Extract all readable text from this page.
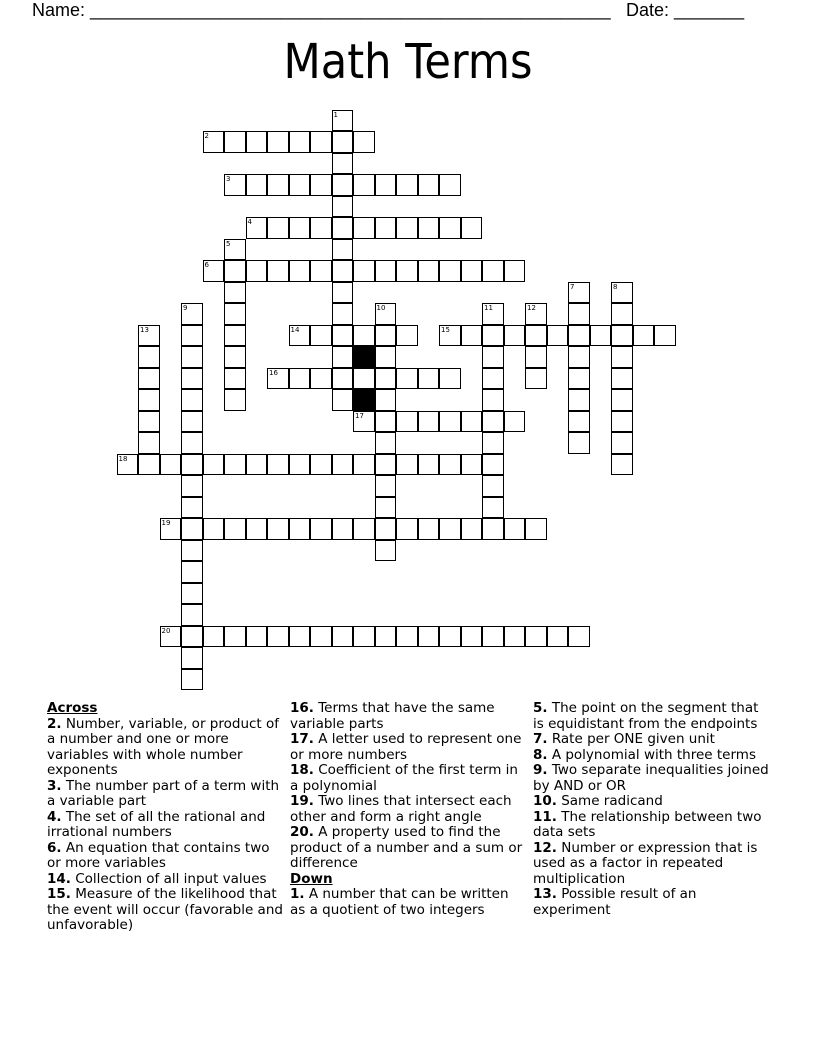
Name: ____________________________________________________ Date: _______
Math Terms
1
2
3
4
5
6
7	8
9	10	11	12
13	14	15
16
17
18
19
20
Across
2. Number, variable, or product of a number and one or more variables with whole number exponents
3. The number part of a term with a variable part
4. The set of all the rational and irrational numbers
6. An equation that contains two or more variables
14. Collection of all input values
15. Measure of the likelihood that the event will occur (favorable and unfavorable)
16. Terms that have the same variable parts
17. A letter used to represent one or more numbers
18. Coefficient of the first term in a polynomial
19. Two lines that intersect each other and form a right angle
20. A property used to find the product of a number and a sum or difference
Down
1. A number that can be written as a quotient of two integers
5. The point on the segment that is equidistant from the endpoints
7. Rate per ONE given unit
8. A polynomial with three terms
9. Two separate inequalities joined by AND or OR
10. Same radicand
11. The relationship between two data sets
12. Number or expression that is used as a factor in repeated multiplication
13. Possible result of an experiment
